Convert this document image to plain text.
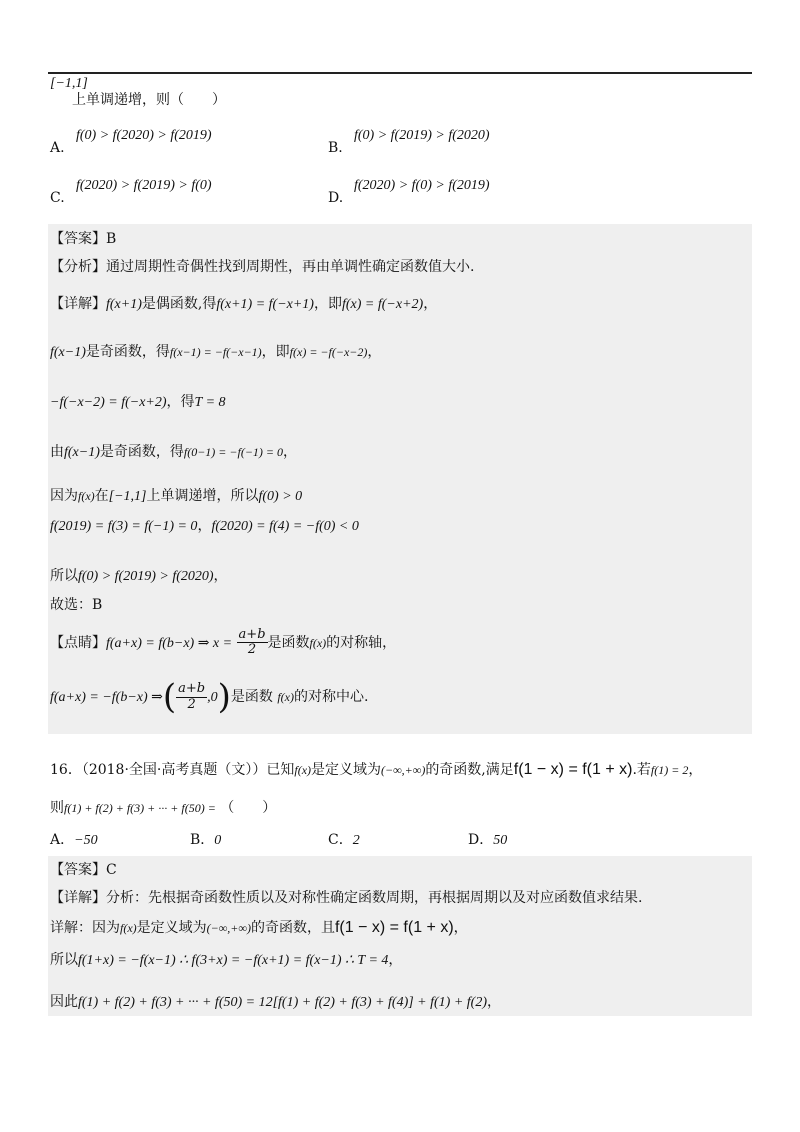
[−1,1]
上单调递增，则（　　）
A.
f(0) > f(2020) > f(2019)
B.
f(0) > f(2019) > f(2020)
C.
f(2020) > f(2019) > f(0)
D.
f(2020) > f(0) > f(2019)
【答案】B
【分析】通过周期性奇偶性找到周期性，再由单调性确定函数值大小.
【详解】f(x+1)是偶函数,得f(x+1) = f(−x+1)，即f(x) = f(−x+2)，
f(x−1)是奇函数，得f(x−1) = −f(−x−1)，即f(x) = −f(−x−2)，
−f(−x−2) = f(−x+2)，得T = 8
由f(x−1)是奇函数，得f(0−1) = −f(−1) = 0，
因为f(x)在[−1,1]上单调递增，所以f(0) > 0
f(2019) = f(3) = f(−1) = 0，f(2020) = f(4) = −f(0) < 0
所以f(0) > f(2019) > f(2020)，
故选：B
【点睛】f(a+x) = f(b−x) ⇒ $x = \frac{a+b}{2}$ 是函数f(x)的对称轴，
f(a+x) = −f(b−x) ⇒( $\frac{a+b}{2} ,0$)是函数 f(x)的对称中心.
16．（2018·全国·高考真题（文））已知f(x)是定义域为(−∞,+∞)的奇函数,满足f(1 − x) = f(1 + x).若f(1) = 2，
则f(1) + f(2) + f(3) + ··· + f(50) = （　　）
A．−50	B．0	C．2	D．50
【答案】C
【详解】分析：先根据奇函数性质以及对称性确定函数周期，再根据周期以及对应函数值求结果.
详解：因为f(x)是定义域为(−∞,+∞)的奇函数，且f(1 − x) = f(1 + x)，
所以f(1+x) = −f(x−1) ∴ f(3+x) = −f(x+1) = f(x−1) ∴ T = 4，
因此f(1) + f(2) + f(3) + ··· + f(50) = 12[f(1) + f(2) + f(3) + f(4)] + f(1) + f(2)，
